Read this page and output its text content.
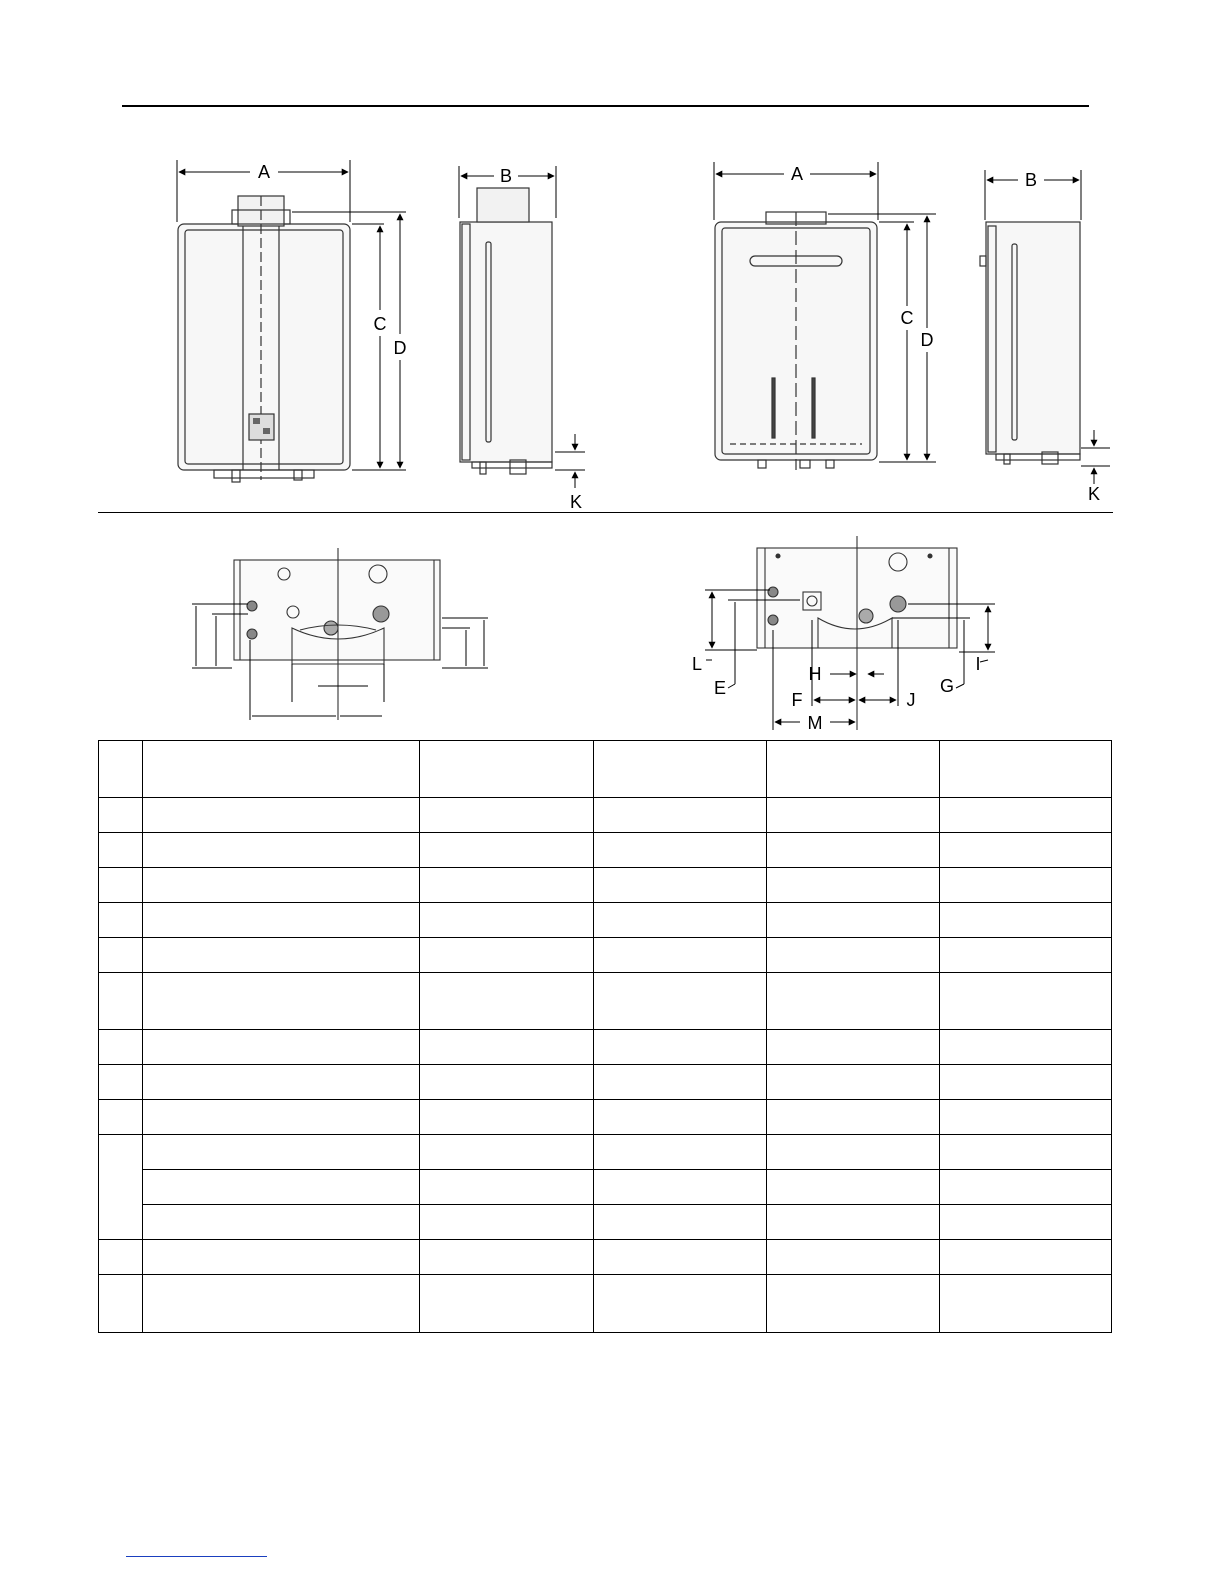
A
C
D
B
K
A
C
D
B
K
L
E
H
F	J
M
G
I
